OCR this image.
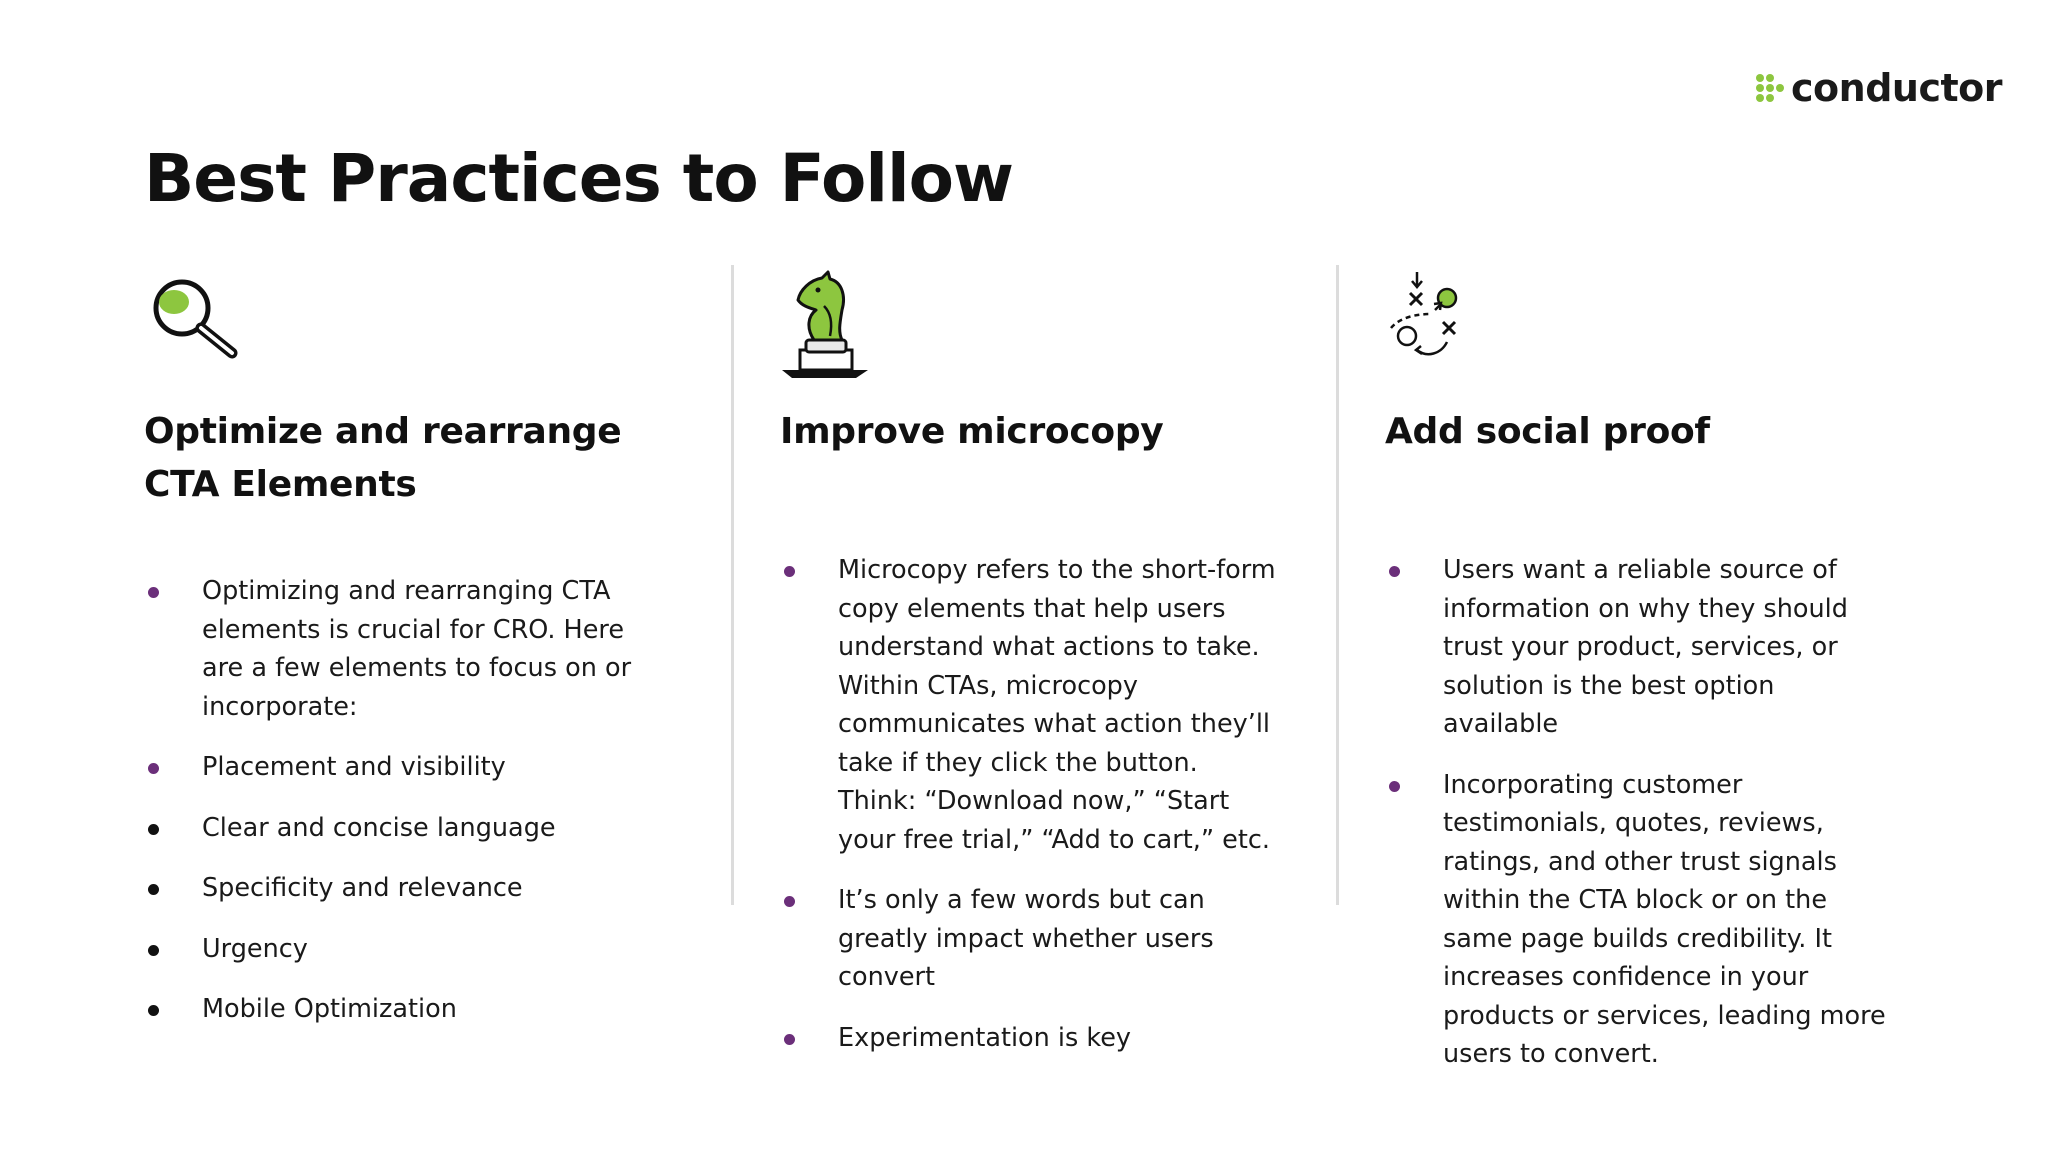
conductor
Best Practices to Follow
Optimize and rearrange CTA Elements
Optimizing and rearranging CTA elements is crucial for CRO. Here are a few elements to focus on or incorporate:
Placement and visibility
Clear and concise language
Specificity and relevance
Urgency
Mobile Optimization
Improve microcopy
Microcopy refers to the short-form copy elements that help users understand what actions to take. Within CTAs, microcopy communicates what action they’ll take if they click the button. Think: “Download now,” “Start your free trial,” “Add to cart,” etc.
It’s only a few words but can greatly impact whether users convert
Experimentation is key
Add social proof
Users want a reliable source of information on why they should trust your product, services, or solution is the best option available
Incorporating customer testimonials, quotes, reviews, ratings, and other trust signals within the CTA block or on the same page builds credibility. It increases confidence in your products or services, leading more users to convert.
